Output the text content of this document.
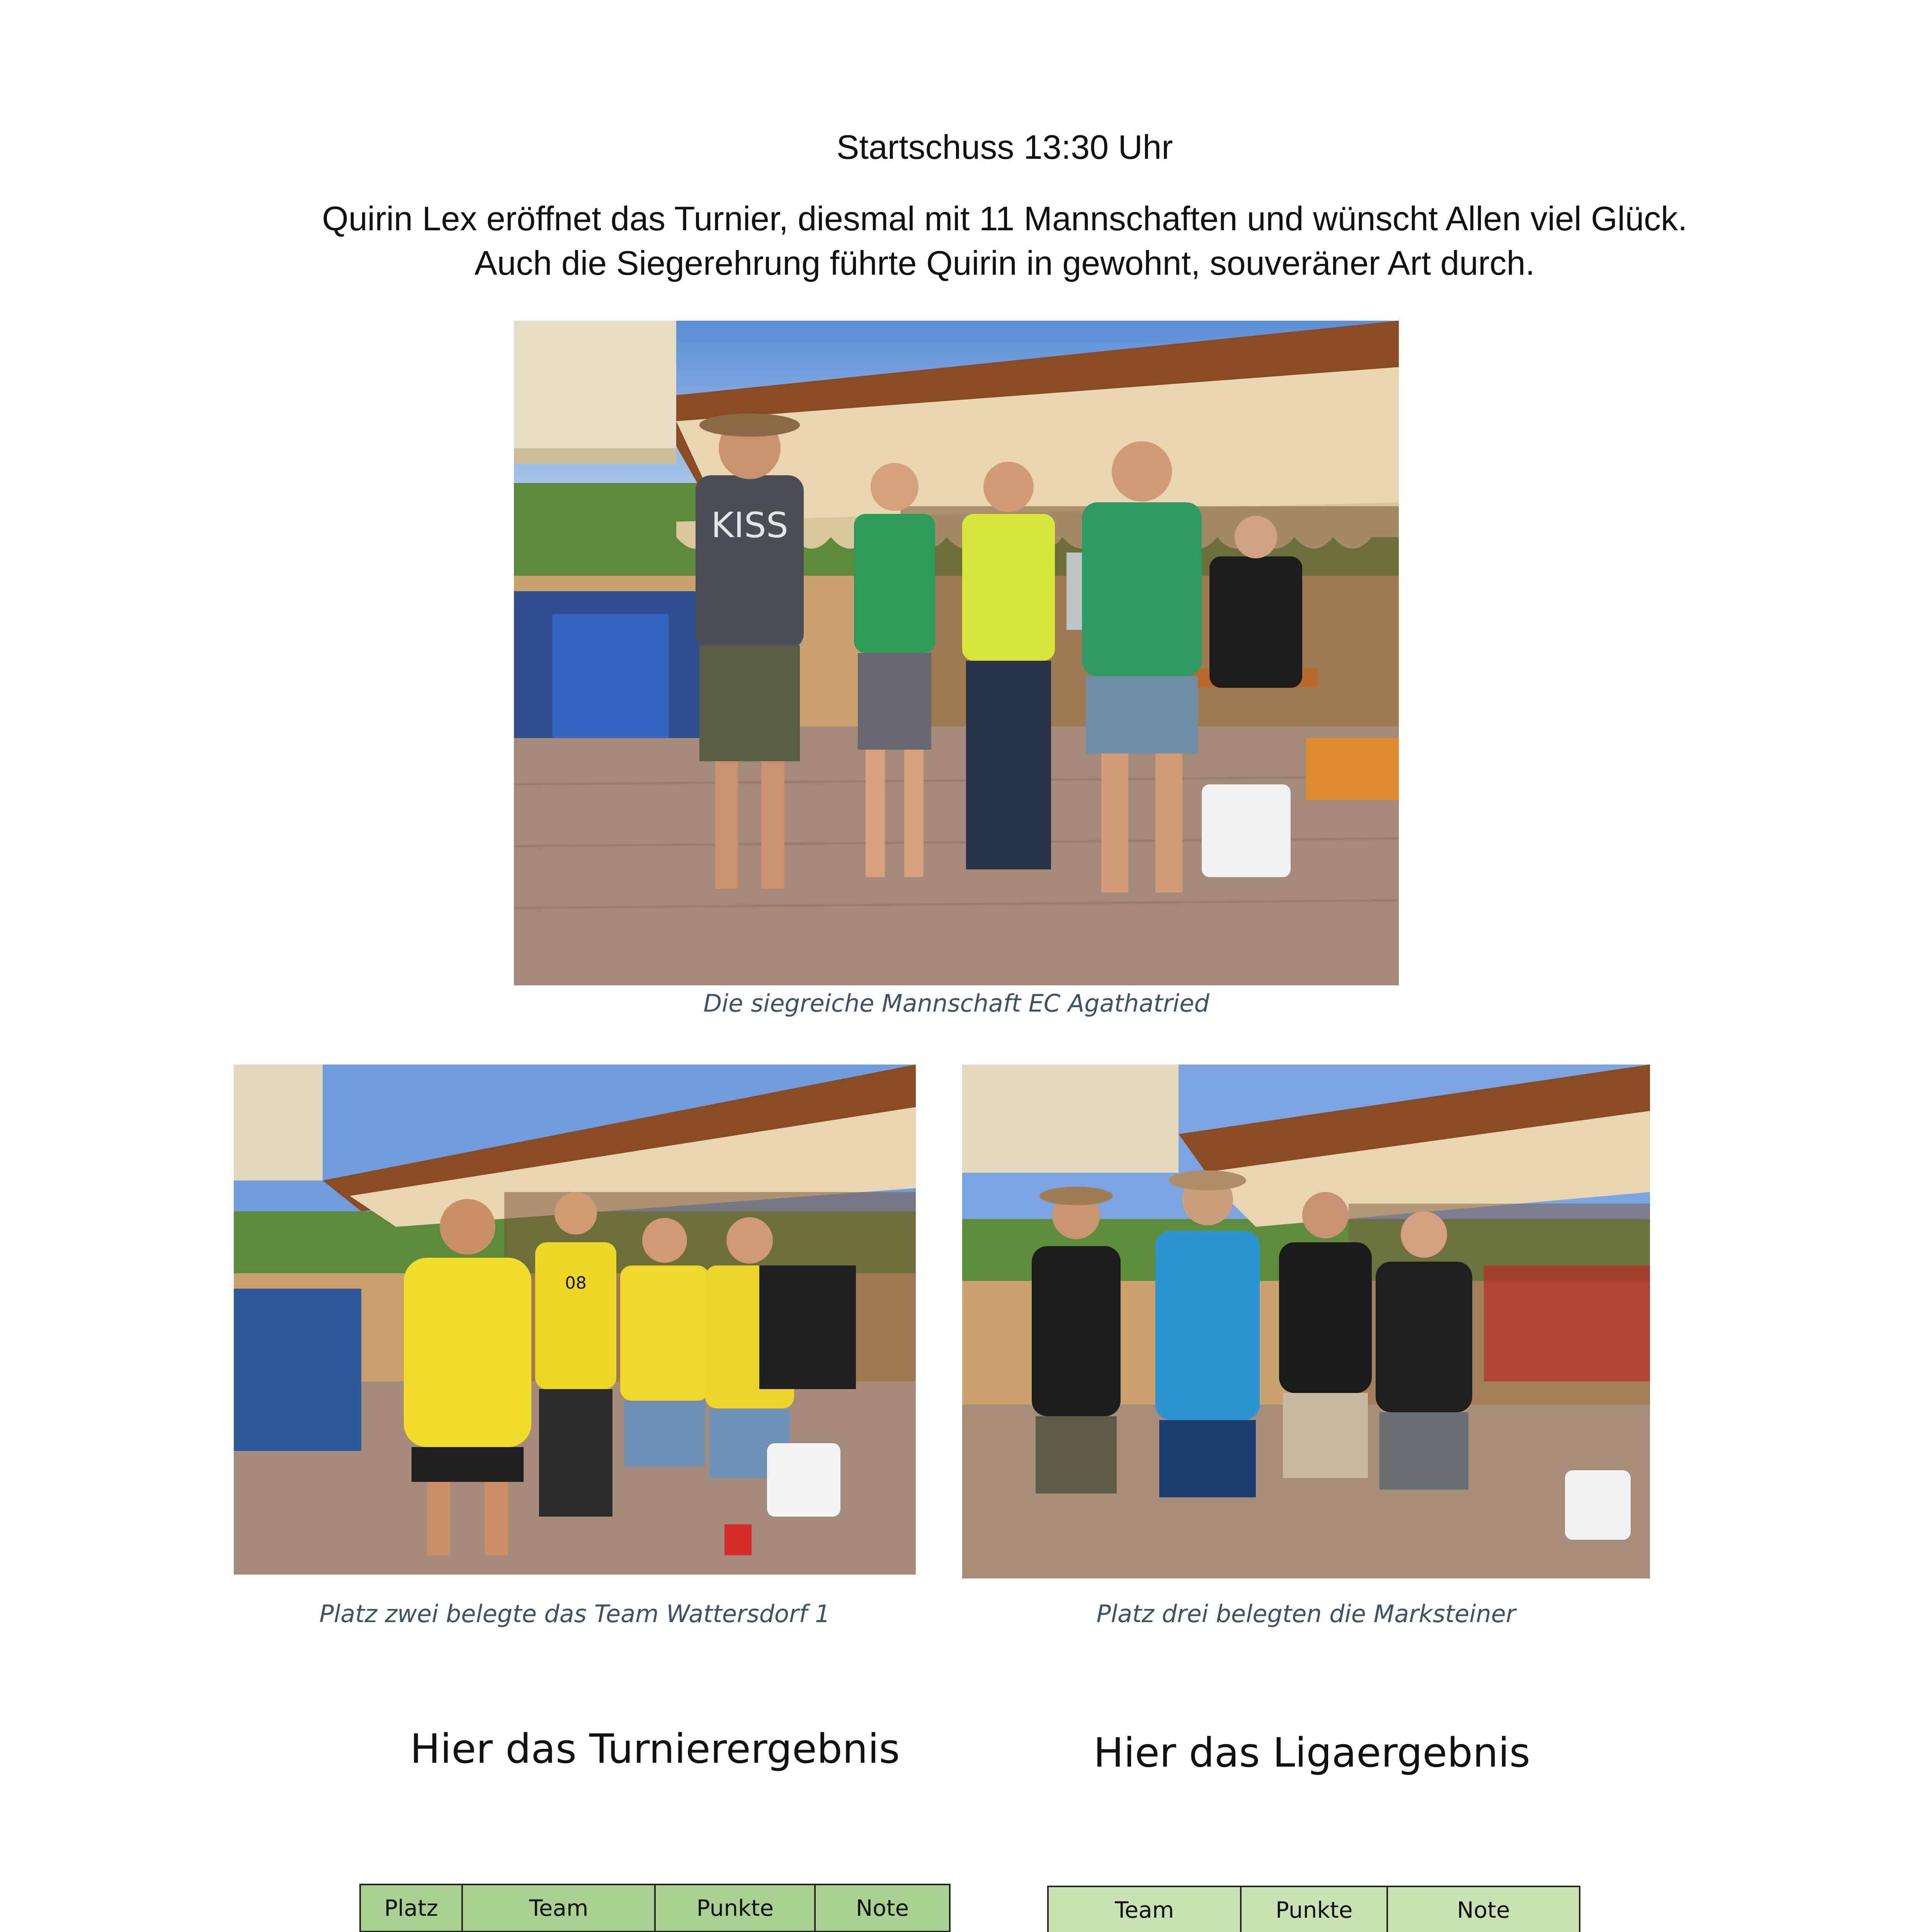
Startschuss 13:30 Uhr
Quirin Lex eröffnet das Turnier, diesmal mit 11 Mannschaften und wünscht Allen viel Glück.
Auch die Siegerehrung führte Quirin in gewohnt, souveräner Art durch.
KISS
Die siegreiche Mannschaft EC Agathatried
08
Platz zwei belegte das Team Wattersdorf 1	Platz drei belegten die Marksteiner
Hier das Turnierergebnis	Hier das Ligaergebnis
Platz	Team	Punkte	Note

				Team	Punkte	Note
